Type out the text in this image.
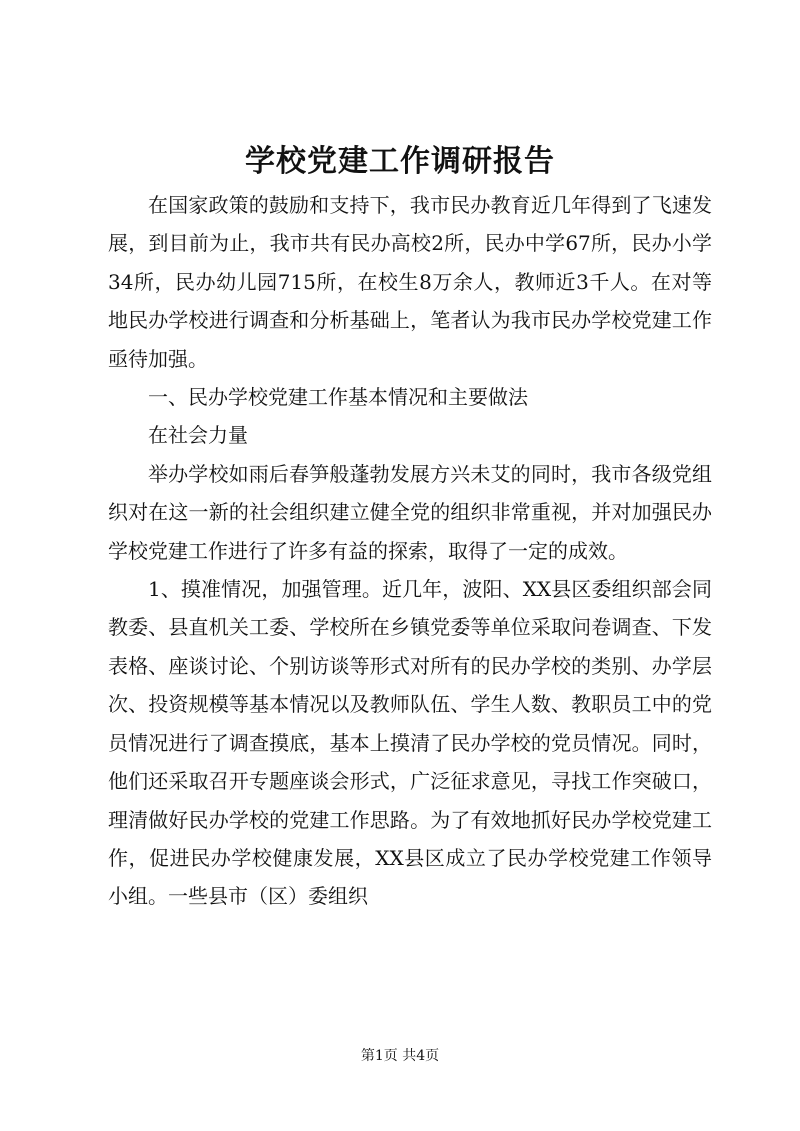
学校党建工作调研报告

在国家政策的鼓励和支持下，我市民办教育近几年得到了飞速发展，到目前为止，我市共有民办高校2所，民办中学67所，民办小学34所，民办幼儿园715所，在校生8万余人，教师近3千人。在对等地民办学校进行调查和分析基础上，笔者认为我市民办学校党建工作亟待加强。

一、民办学校党建工作基本情况和主要做法

在社会力量

举办学校如雨后春笋般蓬勃发展方兴未艾的同时，我市各级党组织对在这一新的社会组织建立健全党的组织非常重视，并对加强民办学校党建工作进行了许多有益的探索，取得了一定的成效。

1、摸准情况，加强管理。近几年，波阳、XX县区委组织部会同教委、县直机关工委、学校所在乡镇党委等单位采取问卷调查、下发表格、座谈讨论、个别访谈等形式对所有的民办学校的类别、办学层次、投资规模等基本情况以及教师队伍、学生人数、教职员工中的党员情况进行了调查摸底，基本上摸清了民办学校的党员情况。同时，他们还采取召开专题座谈会形式，广泛征求意见，寻找工作突破口，理清做好民办学校的党建工作思路。为了有效地抓好民办学校党建工作，促进民办学校健康发展，XX县区成立了民办学校党建工作领导小组。一些县市（区）委组织

第1页 共4页
